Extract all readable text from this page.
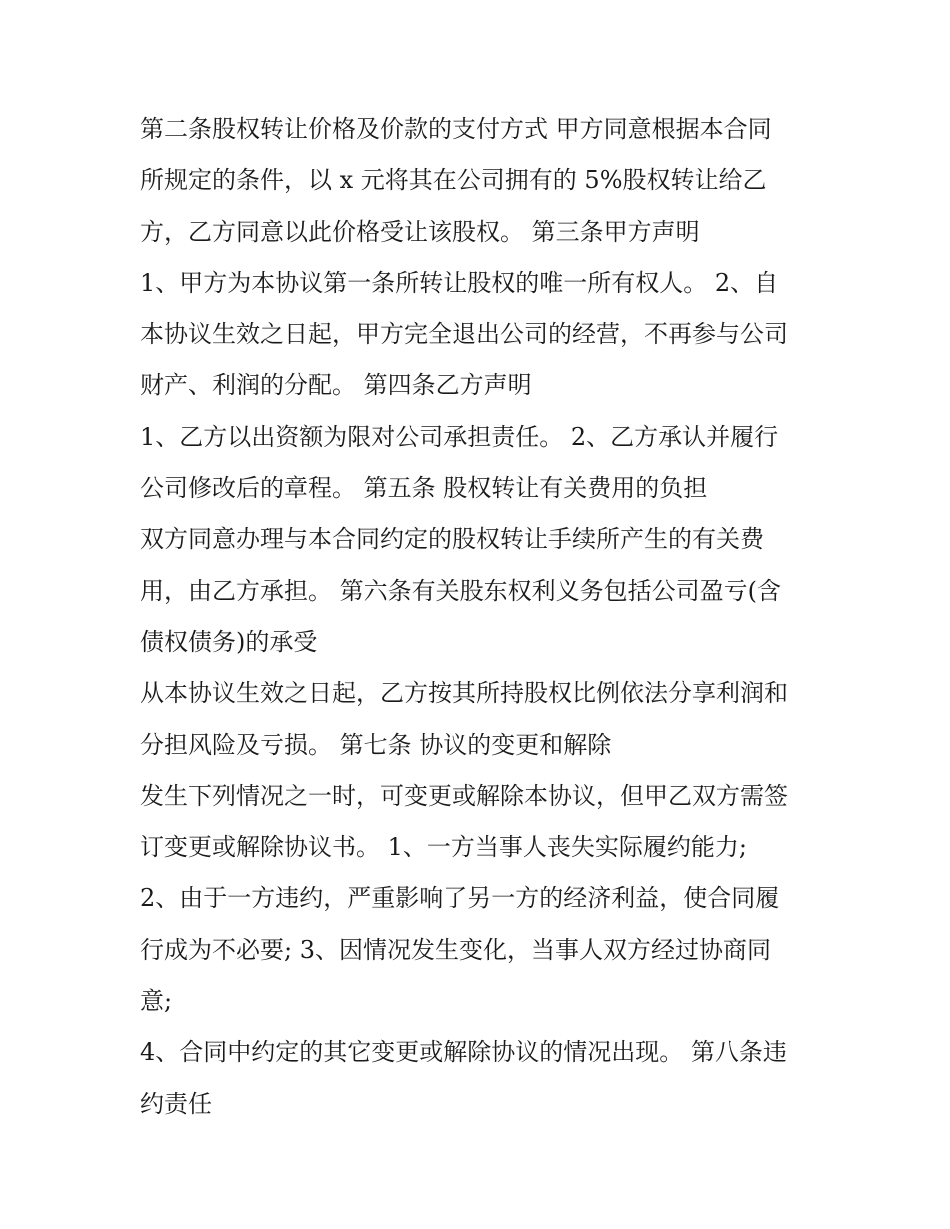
第二条股权转让价格及价款的支付方式 甲方同意根据本合同
所规定的条件，以 x 元将其在公司拥有的 5%股权转让给乙
方，乙方同意以此价格受让该股权。 第三条甲方声明
1、甲方为本协议第一条所转让股权的唯一所有权人。 2、自
本协议生效之日起，甲方完全退出公司的经营，不再参与公司
财产、利润的分配。 第四条乙方声明
1、乙方以出资额为限对公司承担责任。 2、乙方承认并履行
公司修改后的章程。 第五条 股权转让有关费用的负担
双方同意办理与本合同约定的股权转让手续所产生的有关费
用，由乙方承担。 第六条有关股东权利义务包括公司盈亏(含
债权债务)的承受
从本协议生效之日起，乙方按其所持股权比例依法分享利润和
分担风险及亏损。 第七条 协议的变更和解除
发生下列情况之一时，可变更或解除本协议，但甲乙双方需签
订变更或解除协议书。 1、一方当事人丧失实际履约能力;
2、由于一方违约，严重影响了另一方的经济利益，使合同履
行成为不必要; 3、因情况发生变化，当事人双方经过协商同
意;
4、合同中约定的其它变更或解除协议的情况出现。 第八条违
约责任
